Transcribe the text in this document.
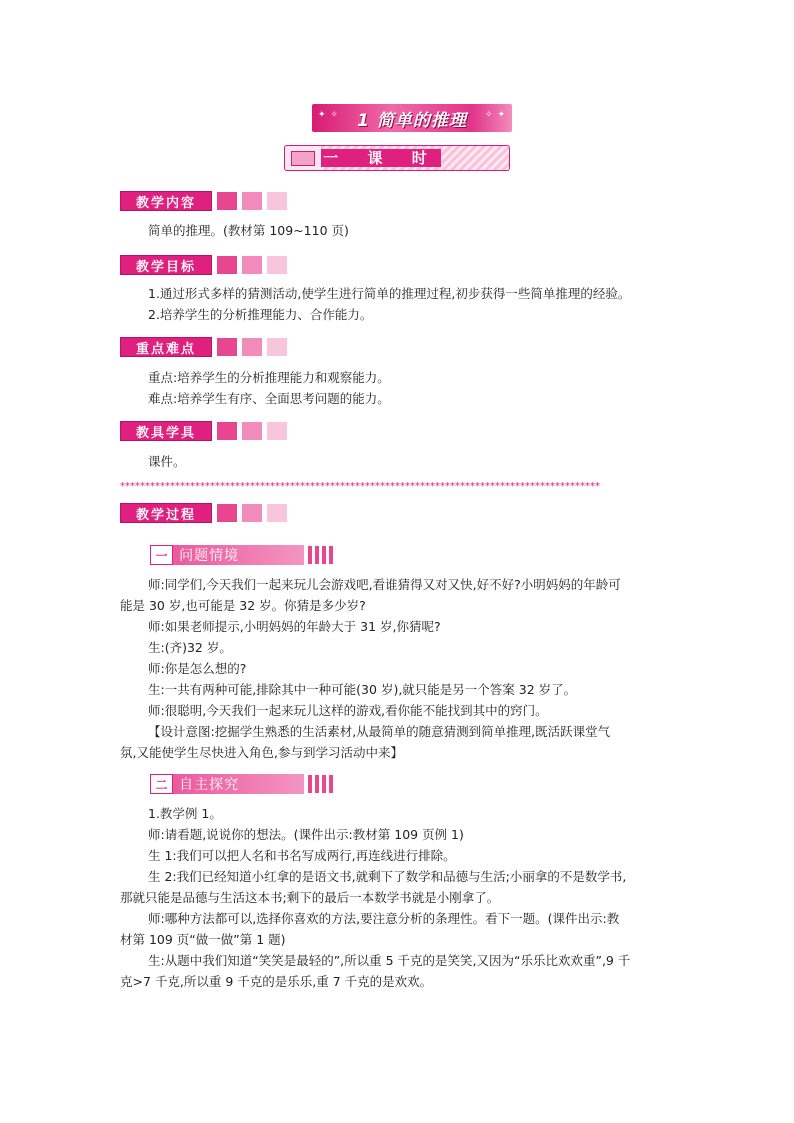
✦ ✧ 1 简单的推理 ✧ ✦
一 课 时
教学内容

简单的推理。(教材第 109~110 页)

教学目标

1.通过形式多样的猜测活动,使学生进行简单的推理过程,初步获得一些简单推理的经验。

2.培养学生的分析推理能力、合作能力。

重点难点

重点:培养学生的分析推理能力和观察能力。

难点:培养学生有序、全面思考问题的能力。

教具学具

课件。

************************************************************************************************
教学过程
一 问题情境

师:同学们,今天我们一起来玩儿会游戏吧,看谁猜得又对又快,好不好?小明妈妈的年龄可

能是 30 岁,也可能是 32 岁。你猜是多少岁?

师:如果老师提示,小明妈妈的年龄大于 31 岁,你猜呢?

生:(齐)32 岁。

师:你是怎么想的?

生:一共有两种可能,排除其中一种可能(30 岁),就只能是另一个答案 32 岁了。

师:很聪明,今天我们一起来玩儿这样的游戏,看你能不能找到其中的窍门。

【设计意图:挖掘学生熟悉的生活素材,从最简单的随意猜测到简单推理,既活跃课堂气

氛,又能使学生尽快进入角色,参与到学习活动中来】

二 自主探究

1.教学例 1。

师:请看题,说说你的想法。(课件出示:教材第 109 页例 1)

生 1:我们可以把人名和书名写成两行,再连线进行排除。

生 2:我们已经知道小红拿的是语文书,就剩下了数学和品德与生活;小丽拿的不是数学书,

那就只能是品德与生活这本书;剩下的最后一本数学书就是小刚拿了。

师:哪种方法都可以,选择你喜欢的方法,要注意分析的条理性。看下一题。(课件出示:教

材第 109 页“做一做”第 1 题)

生:从题中我们知道“笑笑是最轻的”,所以重 5 千克的是笑笑,又因为“乐乐比欢欢重”,9 千

克>7 千克,所以重 9 千克的是乐乐,重 7 千克的是欢欢。
